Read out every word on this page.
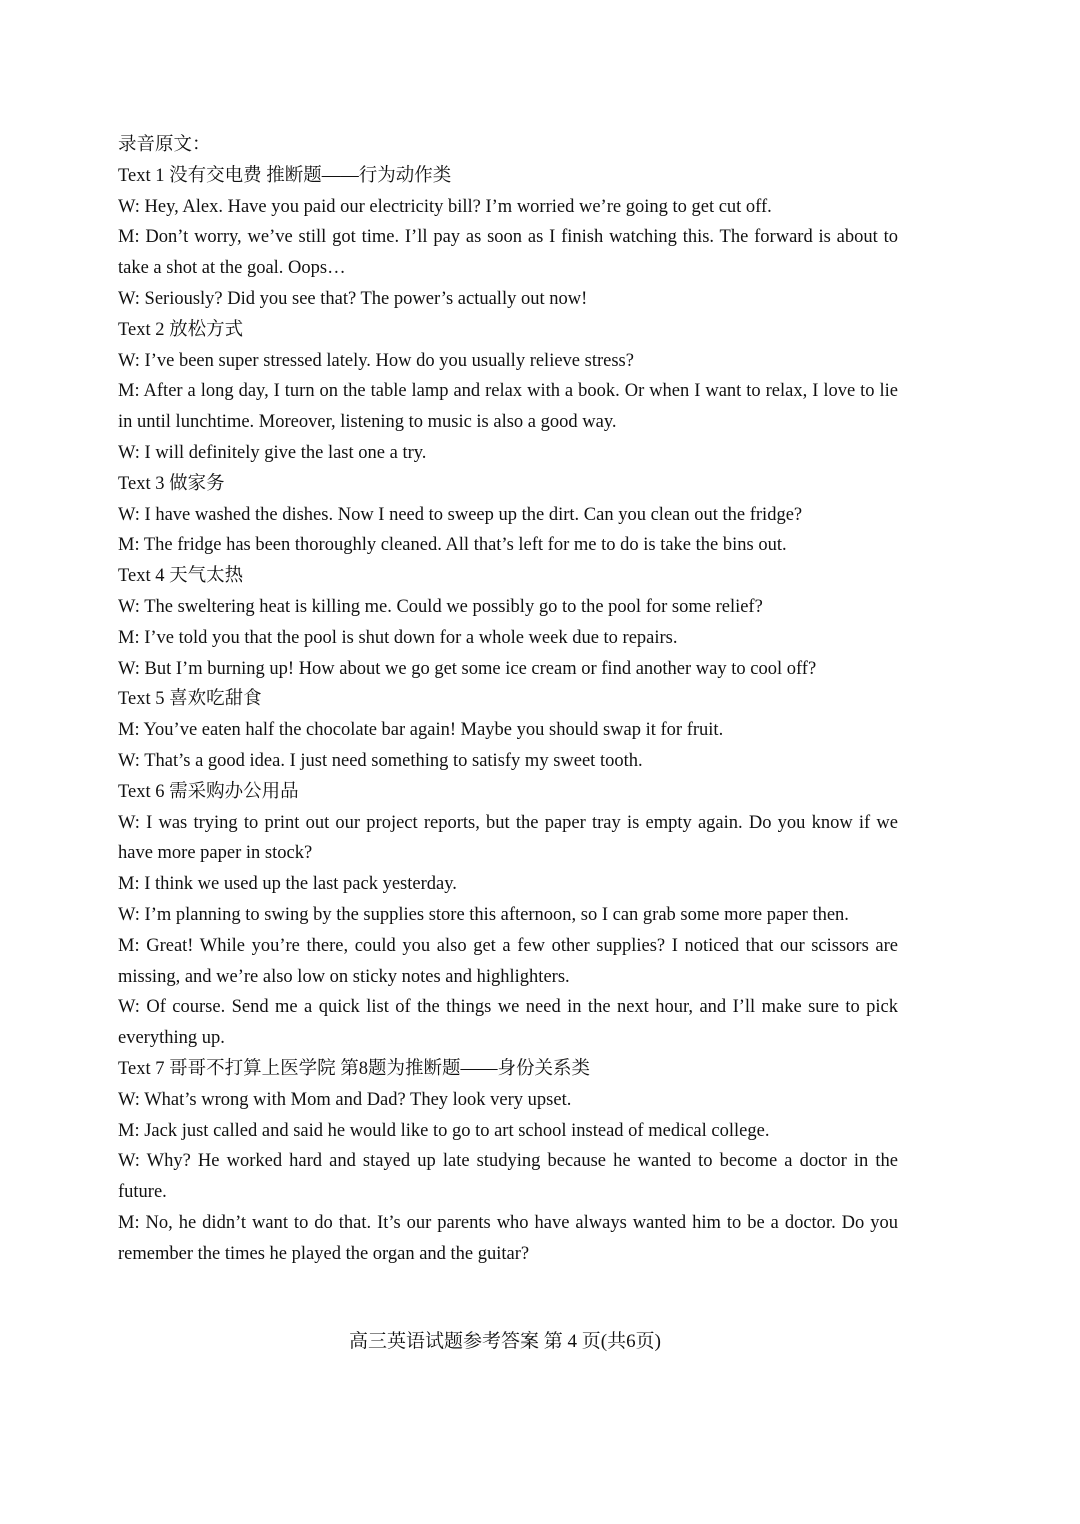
录音原文：
Text 1 没有交电费 推断题——行为动作类
W: Hey, Alex. Have you paid our electricity bill? I’m worried we’re going to get cut off.
M: Don’t worry, we’ve still got time. I’ll pay as soon as I finish watching this. The forward is about to take a shot at the goal. Oops…
W: Seriously? Did you see that? The power’s actually out now!
Text 2 放松方式
W: I’ve been super stressed lately. How do you usually relieve stress?
M: After a long day, I turn on the table lamp and relax with a book. Or when I want to relax, I love to lie in until lunchtime. Moreover, listening to music is also a good way.
W: I will definitely give the last one a try.
Text 3 做家务
W: I have washed the dishes. Now I need to sweep up the dirt. Can you clean out the fridge?
M: The fridge has been thoroughly cleaned. All that’s left for me to do is take the bins out.
Text 4 天气太热
W: The sweltering heat is killing me. Could we possibly go to the pool for some relief?
M: I’ve told you that the pool is shut down for a whole week due to repairs.
W: But I’m burning up! How about we go get some ice cream or find another way to cool off?
Text 5 喜欢吃甜食
M: You’ve eaten half the chocolate bar again! Maybe you should swap it for fruit.
W: That’s a good idea. I just need something to satisfy my sweet tooth.
Text 6 需采购办公用品
W: I was trying to print out our project reports, but the paper tray is empty again. Do you know if we have more paper in stock?
M: I think we used up the last pack yesterday.
W: I’m planning to swing by the supplies store this afternoon, so I can grab some more paper then.
M: Great! While you’re there, could you also get a few other supplies? I noticed that our scissors are missing, and we’re also low on sticky notes and highlighters.
W: Of course. Send me a quick list of the things we need in the next hour, and I’ll make sure to pick everything up.
Text 7 哥哥不打算上医学院 第8题为推断题——身份关系类
W: What’s wrong with Mom and Dad? They look very upset.
M: Jack just called and said he would like to go to art school instead of medical college.
W: Why? He worked hard and stayed up late studying because he wanted to become a doctor in the future.
M: No, he didn’t want to do that. It’s our parents who have always wanted him to be a doctor. Do you remember the times he played the organ and the guitar?
高三英语试题参考答案 第 4 页(共6页)
